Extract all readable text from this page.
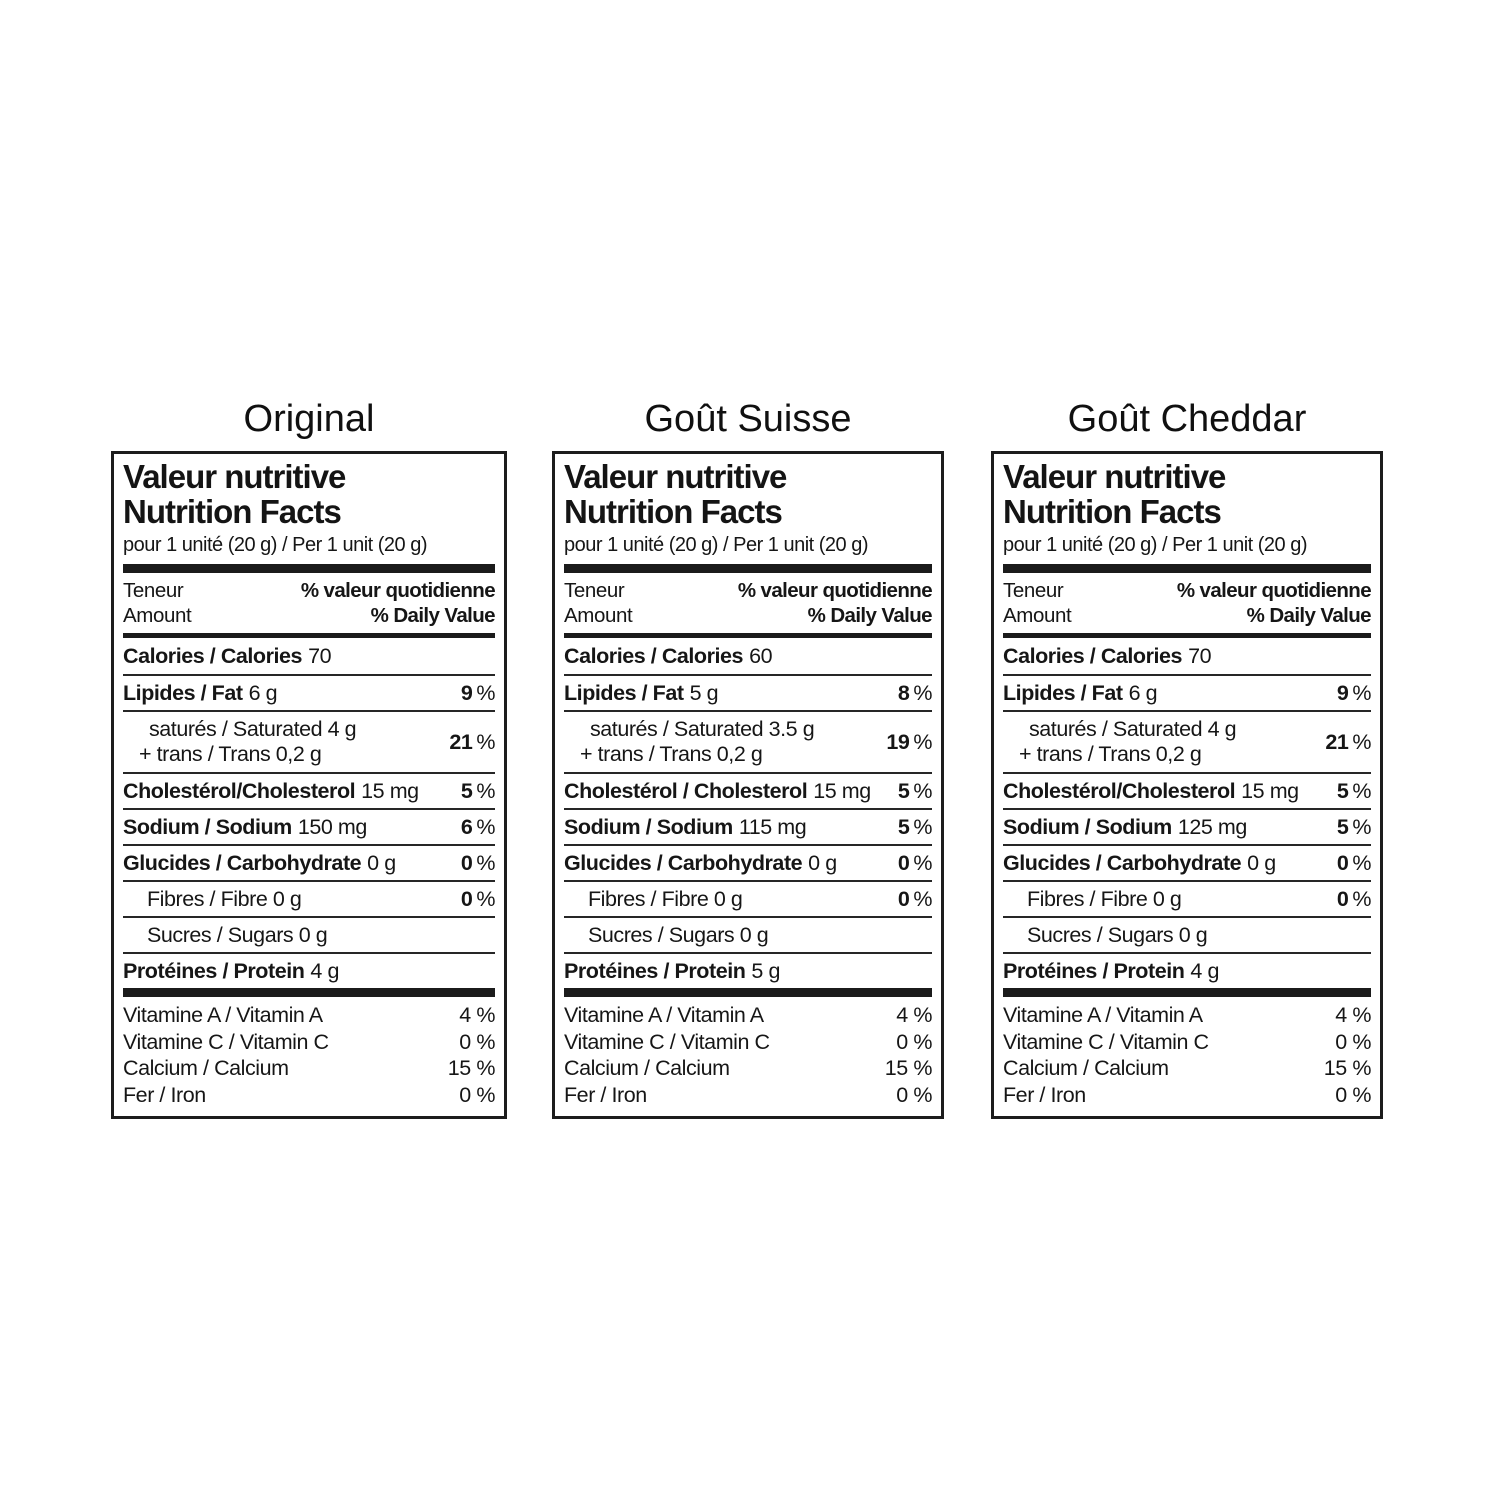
Original
Valeur nutritive
Nutrition Facts
pour 1 unité (20 g) / Per 1 unit (20 g)
Teneur	% valeur quotidienne
Amount	% Daily Value
Calories / Calories 70
Lipides / Fat 6 g	9 %
saturés / Saturated 4 g
+ trans / Trans 0,2 g
21 %
Cholestérol/Cholesterol 15 mg 5 %
Sodium / Sodium 150 mg	6 %
Glucides / Carbohydrate 0 g	0 %
Fibres / Fibre 0 g	0 %
Sucres / Sugars 0 g
Protéines / Protein 4 g
Vitamine A / Vitamin A	4 %
Vitamine C / Vitamin C	0 %
Calcium / Calcium	15 %
Fer / Iron	0 %
Goût Suisse
Valeur nutritive
Nutrition Facts
pour 1 unité (20 g) / Per 1 unit (20 g)
Teneur	% valeur quotidienne
Amount	% Daily Value
Calories / Calories 60
Lipides / Fat 5 g	8 %
saturés / Saturated 3.5 g
+ trans / Trans 0,2 g
19 %
Cholestérol / Cholesterol 15 mg 5 %
Sodium / Sodium 115 mg	5 %
Glucides / Carbohydrate 0 g	0 %
Fibres / Fibre 0 g	0 %
Sucres / Sugars 0 g
Protéines / Protein 5 g
Vitamine A / Vitamin A	4 %
Vitamine C / Vitamin C	0 %
Calcium / Calcium	15 %
Fer / Iron	0 %
Goût Cheddar
Valeur nutritive
Nutrition Facts
pour 1 unité (20 g) / Per 1 unit (20 g)
Teneur	% valeur quotidienne
Amount	% Daily Value
Calories / Calories 70
Lipides / Fat 6 g	9 %
saturés / Saturated 4 g
+ trans / Trans 0,2 g
21 %
Cholestérol/Cholesterol 15 mg 5 %
Sodium / Sodium 125 mg	5 %
Glucides / Carbohydrate 0 g	0 %
Fibres / Fibre 0 g	0 %
Sucres / Sugars 0 g
Protéines / Protein 4 g
Vitamine A / Vitamin A	4 %
Vitamine C / Vitamin C	0 %
Calcium / Calcium	15 %
Fer / Iron	0 %
